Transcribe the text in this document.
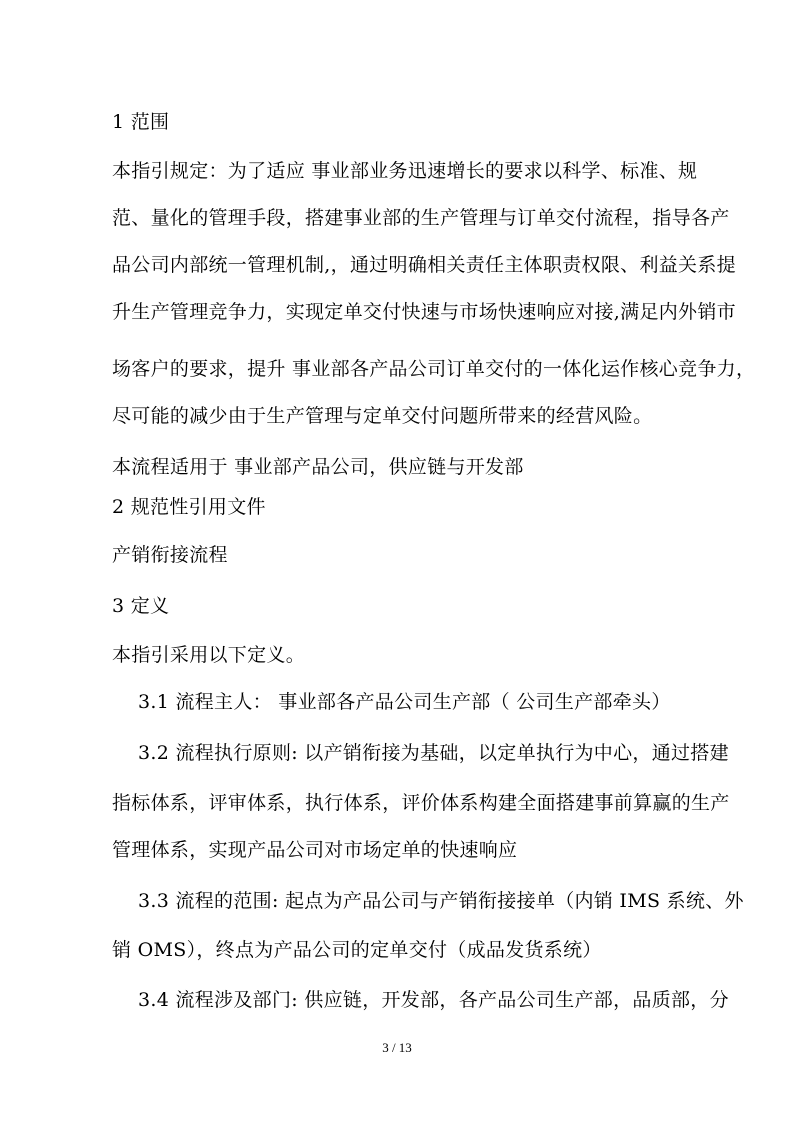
1 范围
本指引规定：为了适应 事业部业务迅速增长的要求以科学、标准、规
范、量化的管理手段，搭建事业部的生产管理与订单交付流程，指导各产
品公司内部统一管理机制,，通过明确相关责任主体职责权限、利益关系提
升生产管理竞争力，实现定单交付快速与市场快速响应对接,满足内外销市
场客户的要求，提升 事业部各产品公司订单交付的一体化运作核心竞争力，
尽可能的减少由于生产管理与定单交付问题所带来的经营风险。
本流程适用于 事业部产品公司，供应链与开发部
2 规范性引用文件
产销衔接流程
3 定义
本指引采用以下定义。
3.1 流程主人： 事业部各产品公司生产部（ 公司生产部牵头）
3.2 流程执行原则: 以产销衔接为基础，以定单执行为中心，通过搭建
指标体系，评审体系，执行体系，评价体系构建全面搭建事前算赢的生产
管理体系，实现产品公司对市场定单的快速响应
3.3 流程的范围: 起点为产品公司与产销衔接接单（内销 IMS 系统、外
销 OMS），终点为产品公司的定单交付（成品发货系统）
3.4 流程涉及部门: 供应链，开发部，各产品公司生产部，品质部，分
3 / 13
